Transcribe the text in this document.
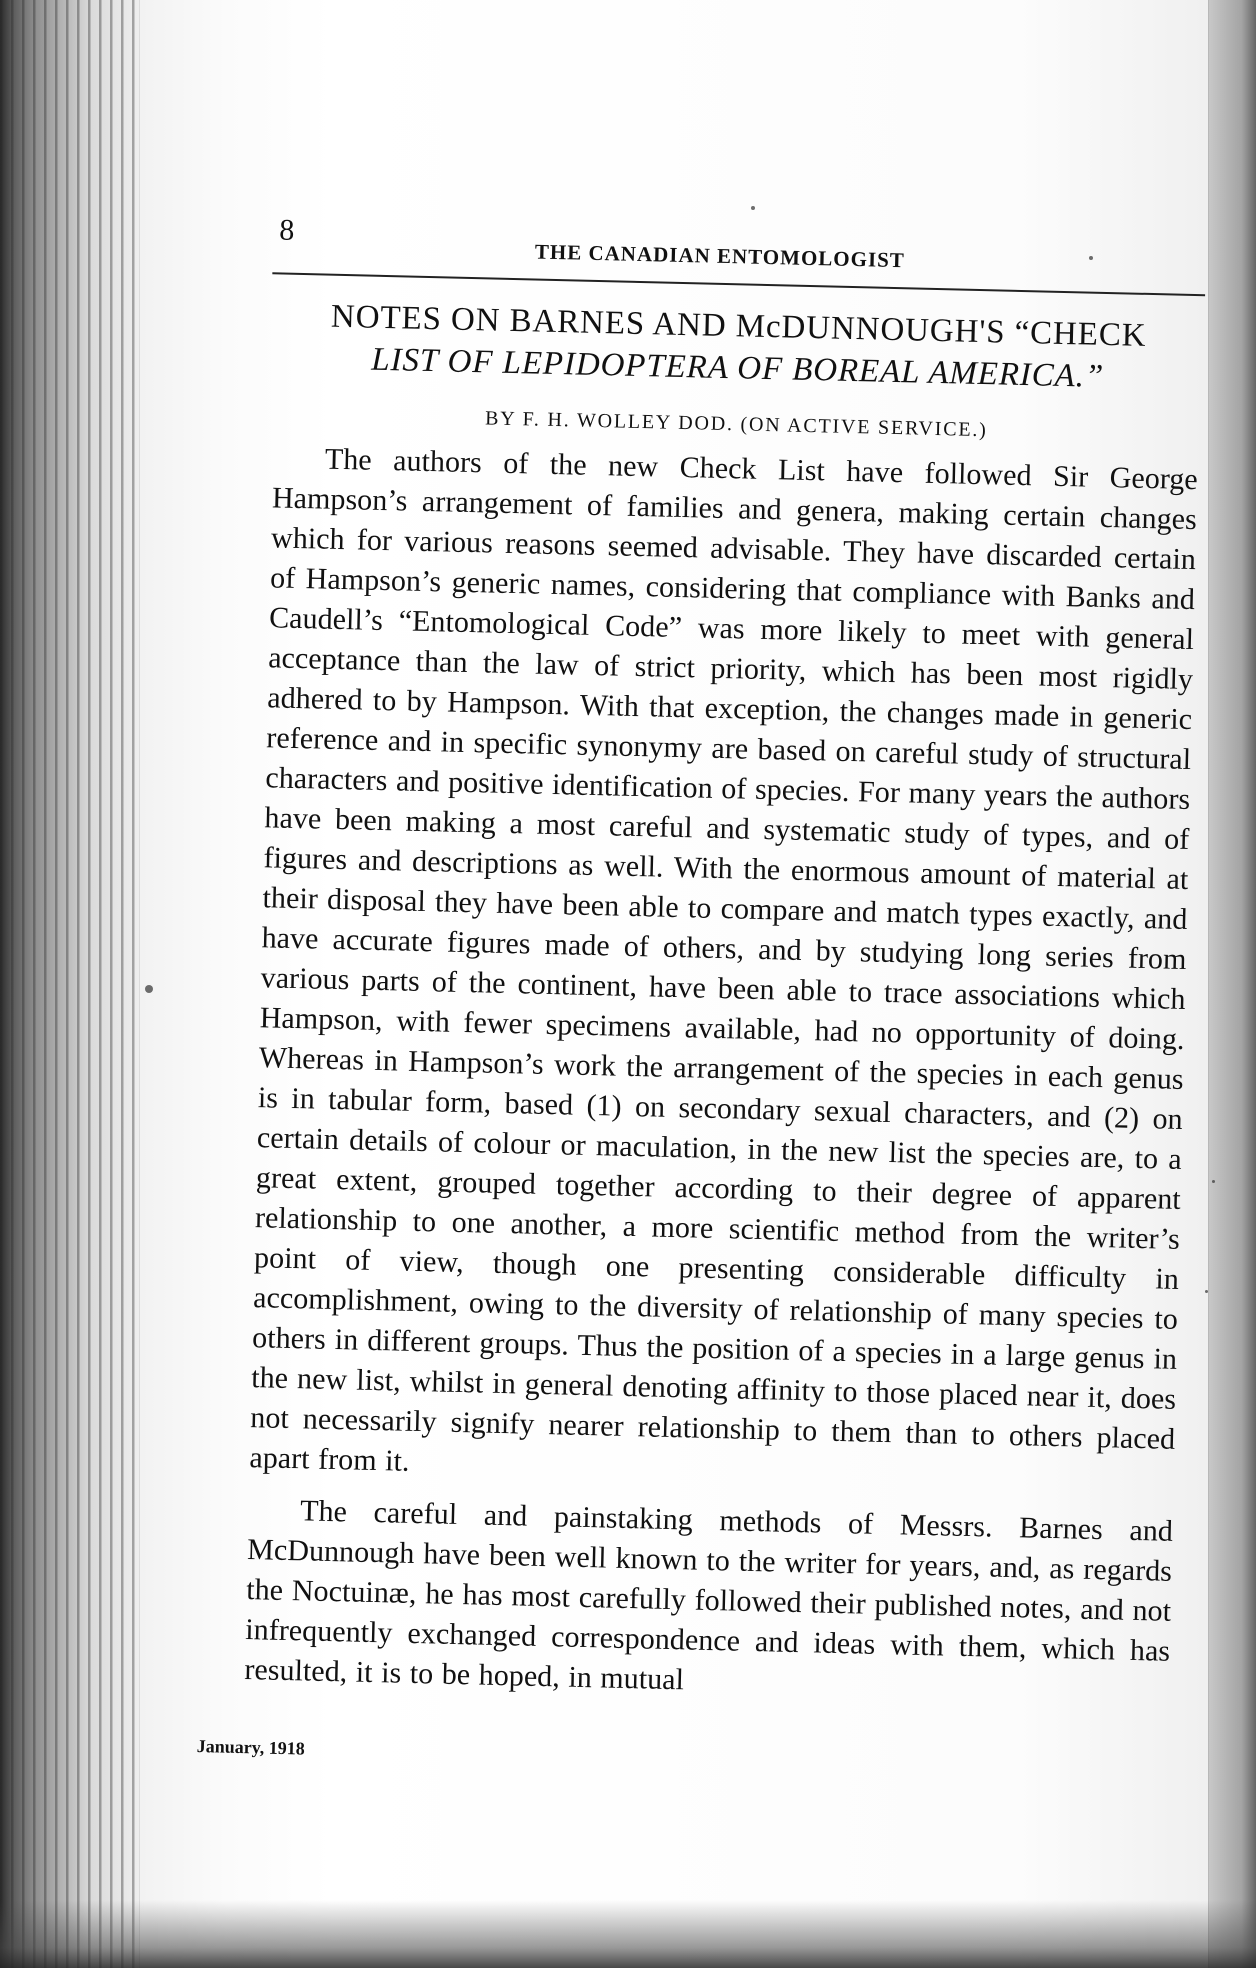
8
THE CANADIAN ENTOMOLOGIST
NOTES ON BARNES AND McDUNNOUGH'S “CHECK
LIST OF LEPIDOPTERA OF BOREAL AMERICA.”
BY F. H. WOLLEY DOD. (ON ACTIVE SERVICE.)

The authors of the new Check List have followed Sir George Hampson’s arrangement of families and genera, making certain changes which for various reasons seemed advisable. They have discarded certain of Hampson’s generic names, considering that compliance with Banks and Caudell’s “Entomological Code” was more likely to meet with general acceptance than the law of strict priority, which has been most rigidly adhered to by Hampson. With that exception, the changes made in generic reference and in specific synonymy are based on careful study of structural characters and positive identification of species. For many years the authors have been making a most careful and systematic study of types, and of figures and descriptions as well. With the enormous amount of material at their disposal they have been able to compare and match types exactly, and have accurate figures made of others, and by studying long series from various parts of the continent, have been able to trace associations which Hampson, with fewer specimens available, had no opportunity of doing. Whereas in Hampson’s work the arrangement of the species in each genus is in tabular form, based (1) on secondary sexual characters, and (2) on certain details of colour or maculation, in the new list the species are, to a great extent, grouped together according to their degree of apparent relationship to one another, a more scientific method from the writer’s point of view, though one presenting considerable difficulty in accomplishment, owing to the diversity of relationship of many species to others in different groups. Thus the position of a species in a large genus in the new list, whilst in general denoting affinity to those placed near it, does not necessarily signify nearer relationship to them than to others placed apart from it.

The careful and painstaking methods of Messrs. Barnes and McDunnough have been well known to the writer for years, and, as regards the Noctuinæ, he has most carefully followed their published notes, and not infrequently exchanged correspondence and ideas with them, which has resulted, it is to be hoped, in mutual

January, 1918
